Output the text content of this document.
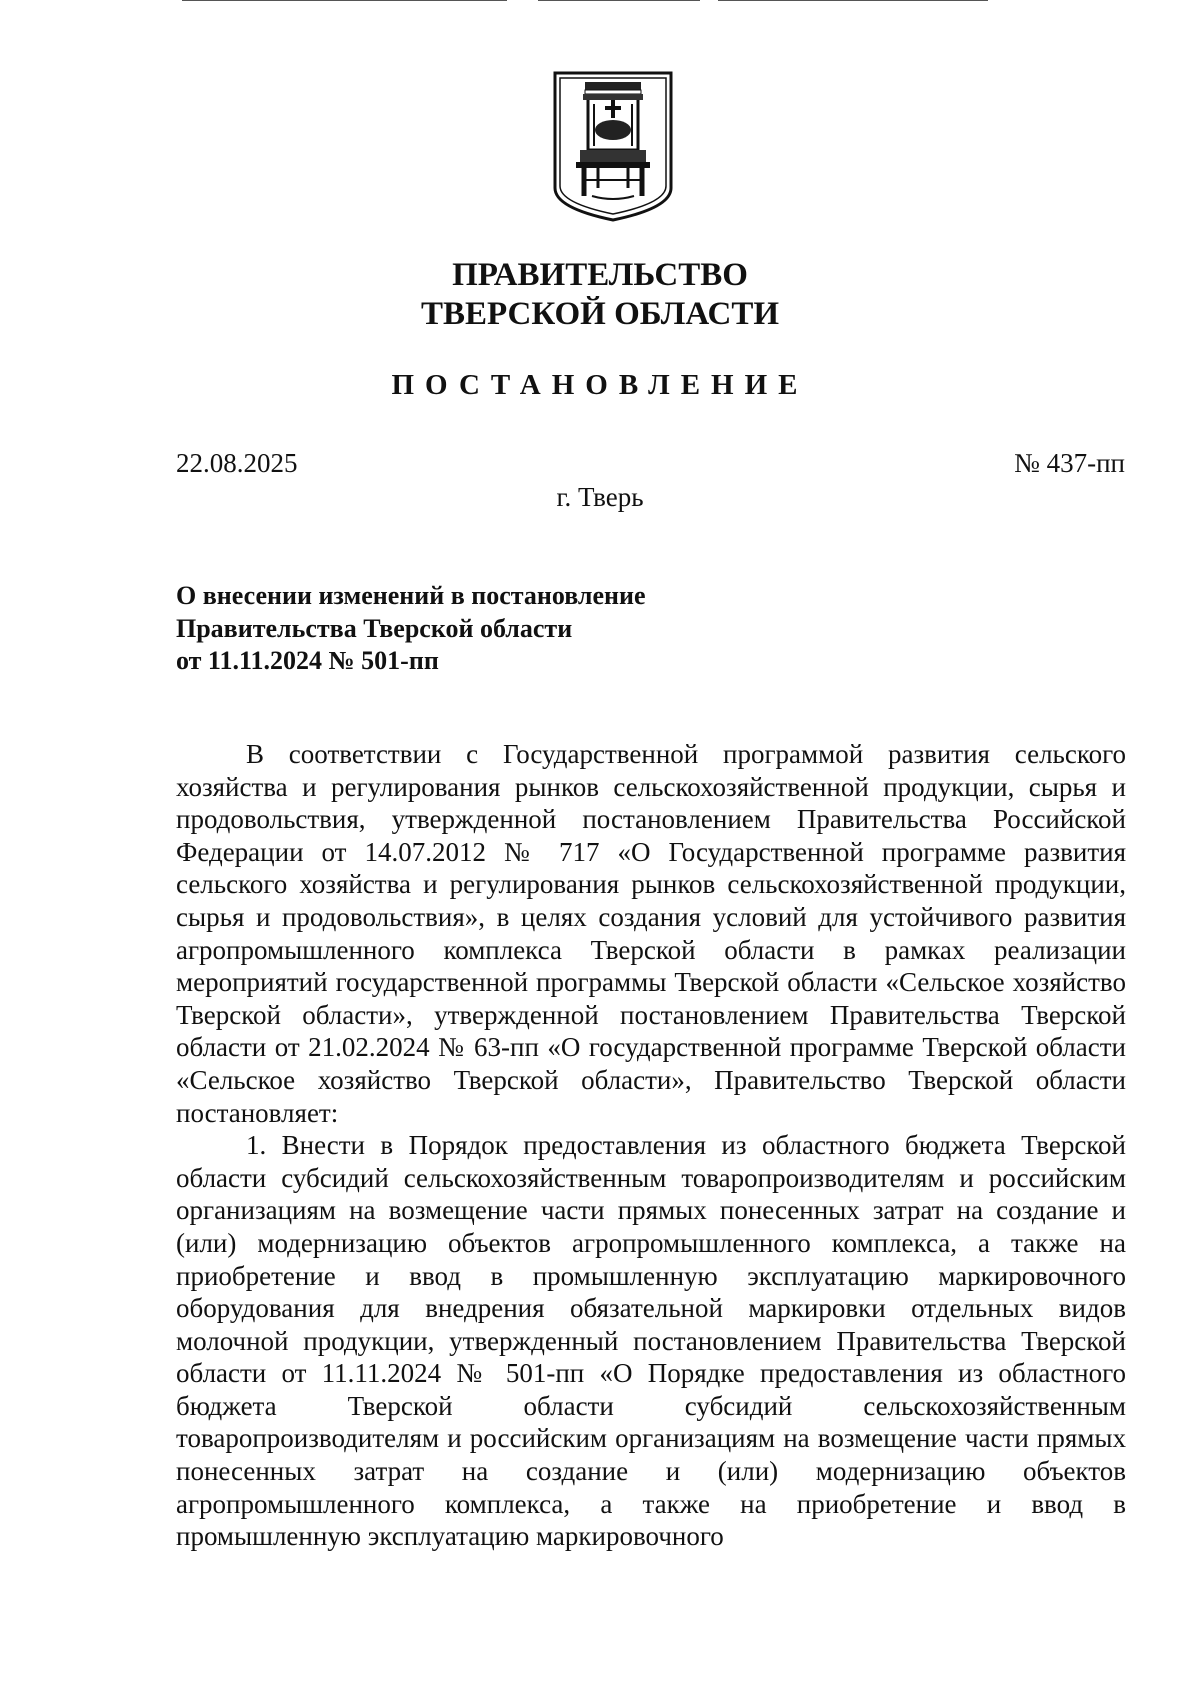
ПРАВИТЕЛЬСТВО
ТВЕРСКОЙ ОБЛАСТИ
ПОСТАНОВЛЕНИЕ
22.08.2025	№ 437-пп
г. Тверь
О внесении изменений в постановление
Правительства Тверской области
от 11.11.2024 № 501-пп

В соответствии с Государственной программой развития сельского хозяйства и регулирования рынков сельскохозяйственной продукции, сырья и продовольствия, утвержденной постановлением Правительства Российской Федерации от 14.07.2012 № 717 «О Государственной программе развития сельского хозяйства и регулирования рынков сельскохозяйственной продукции, сырья и продовольствия», в целях создания условий для устойчивого развития агропромышленного комплекса Тверской области в рамках реализации мероприятий государственной программы Тверской области «Сельское хозяйство Тверской области», утвержденной постановлением Правительства Тверской области от 21.02.2024 № 63-пп «О государственной программе Тверской области «Сельское хозяйство Тверской области», Правительство Тверской области постановляет:

1. Внести в Порядок предоставления из областного бюджета Тверской области субсидий сельскохозяйственным товаропроизводителям и российским организациям на возмещение части прямых понесенных затрат на создание и (или) модернизацию объектов агропромышленного комплекса, а также на приобретение и ввод в промышленную эксплуатацию маркировочного оборудования для внедрения обязательной маркировки отдельных видов молочной продукции, утвержденный постановлением Правительства Тверской области от 11.11.2024 № 501-пп «О Порядке предоставления из областного бюджета Тверской области субсидий сельскохозяйственным товаропроизводителям и российским организациям на возмещение части прямых понесенных затрат на создание и (или) модернизацию объектов агропромышленного комплекса, а также на приобретение и ввод в промышленную эксплуатацию маркировочного
